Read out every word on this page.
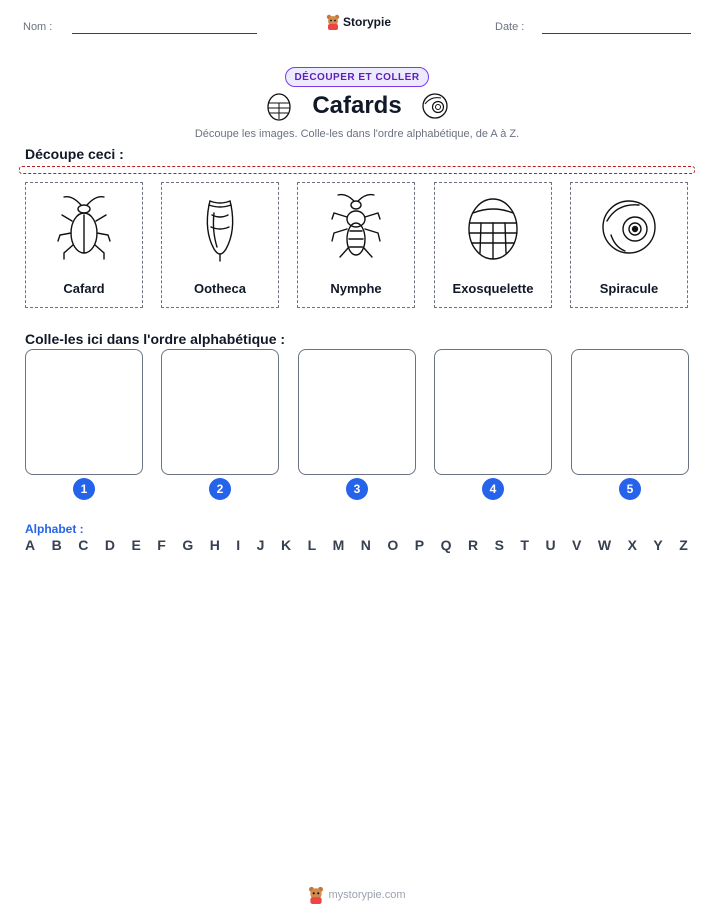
Nom :	Storypie	Date :
DÉCOUPER ET COLLER
Cafards
Découpe les images. Colle-les dans l'ordre alphabétique, de A à Z.
Découpe ceci :
Cafard	Ootheca	Nymphe	Exosquelette	Spiracule
Colle-les ici dans l'ordre alphabétique :
1	2	3	4	5
Alphabet :
A B C D E F G H I J K L M N O P Q R S T U V W X Y Z
mystorypie.com
